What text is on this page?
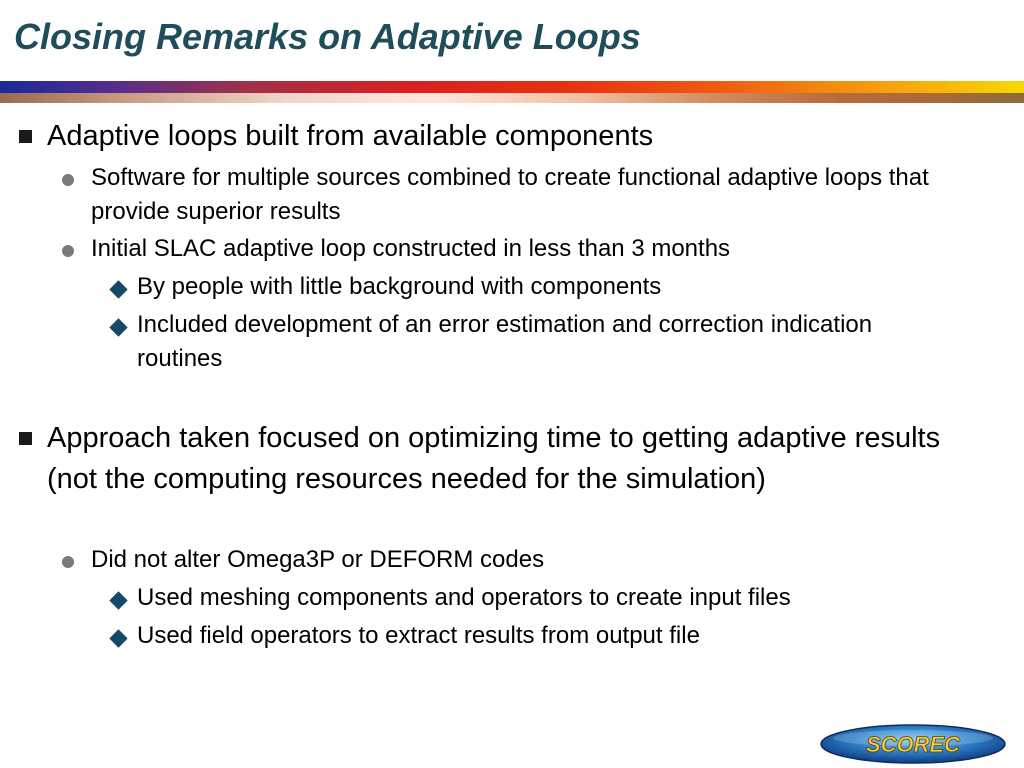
Closing Remarks on Adaptive Loops
Adaptive loops built from available components
Software for multiple sources combined to create functional adaptive loops that provide superior results
Initial SLAC adaptive loop constructed in less than 3 months
By people with little background with components
Included development of an error estimation and correction indication routines
Approach taken focused on optimizing time to getting adaptive results (not the computing resources needed for the simulation)
Did not alter Omega3P or DEFORM codes
Used meshing components and operators to create input files
Used field operators to extract results from output file
SCOREC
